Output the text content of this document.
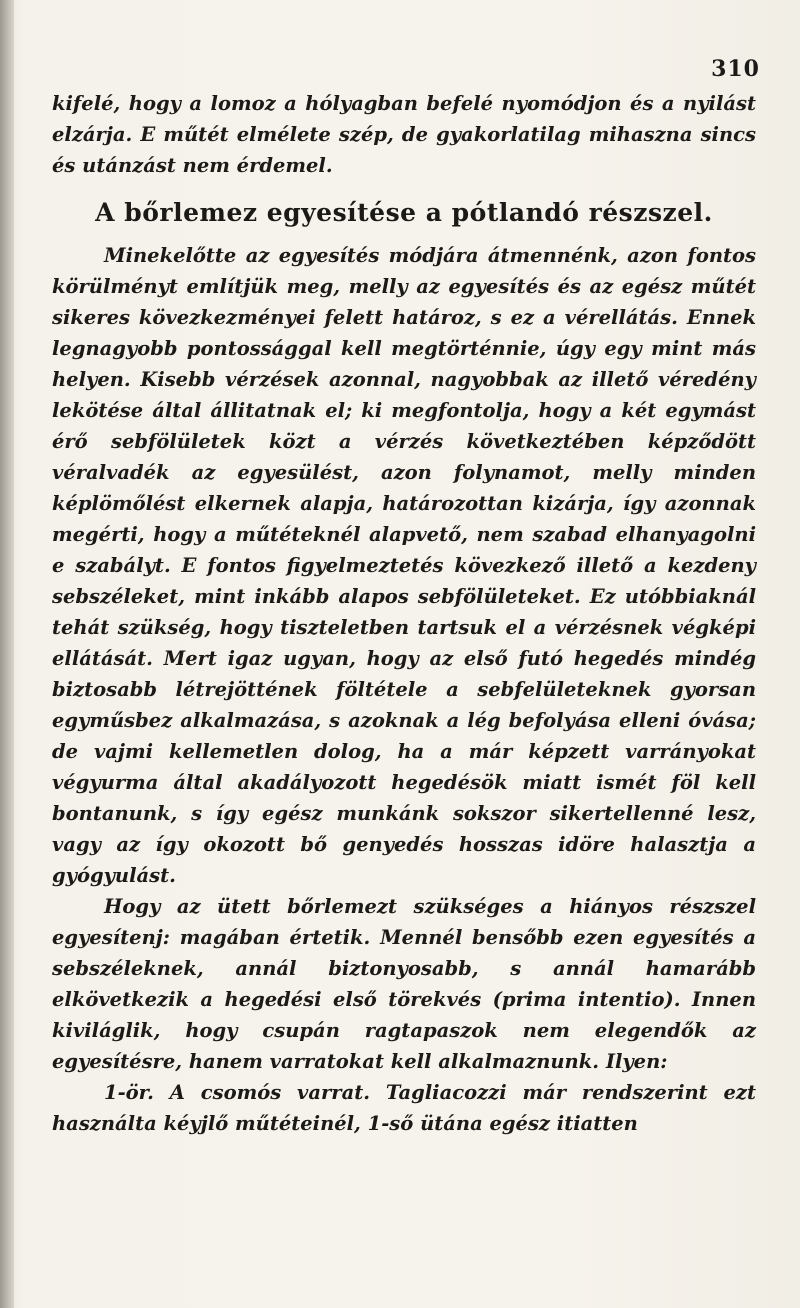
310

kifelé, hogy a lomoz a hólyagban befelé nyomódjon és a nyilást elzárja. E műtét elmélete szép, de gyakorlatilag mihaszna sincs és utánzást nem érdemel.

A bőrlemez egyesítése a pótlandó részszel.

Minekelőtte az egyesítés módjára átmennénk, azon fontos körülményt említjük meg, melly az egyesítés és az egész műtét sikeres kövezkezményei felett határoz, s ez a vérellátás. Ennek legnagyobb pontossággal kell megtörténnie, úgy egy mint más helyen. Kisebb vérzések azonnal, nagyobbak az illető véredény lekötése által állitatnak el; ki megfontolja, hogy a két egymást érő sebfölületek közt a vérzés következtében képződött véralvadék az egyesülést, azon folynamot, melly minden képlömőlést elkernek alapja, határozottan kizárja, így azonnak megérti, hogy a műtéteknél alapvető, nem szabad elhanyagolni e szabályt. E fontos figyelmeztetés kövezkező illető a kezdeny sebszéleket, mint inkább alapos sebfölületeket. Ez utóbbiaknál tehát szükség, hogy tiszteletben tartsuk el a vérzésnek végképi ellátását. Mert igaz ugyan, hogy az első futó hegedés mindég biztosabb létrejöttének föltétele a sebfelületeknek gyorsan egyműsbez alkalmazása, s azoknak a lég befolyása elleni óvása; de vajmi kellemetlen dolog, ha a már képzett varrányokat végyurma által akadályozott hegedésök miatt ismét föl kell bontanunk, s így egész munkánk sokszor sikertellenné lesz, vagy az így okozott bő genyedés hosszas idöre halasztja a gyógyulást.

Hogy az ütett bőrlemezt szükséges a hiányos részszel egyesítenj: magában értetik. Mennél bensőbb ezen egyesítés a sebszéleknek, annál biztonyosabb, s annál hamarább elkövetkezik a hegedési első törekvés (prima intentio). Innen kiviláglik, hogy csupán ragtapaszok nem elegendők az egyesítésre, hanem varratokat kell alkalmaznunk. Ilyen:

1-ör. A csomós varrat. Tagliacozzi már rendszerint ezt használta kéyjlő műtéteinél, 1-ső ütána egész itiatten
